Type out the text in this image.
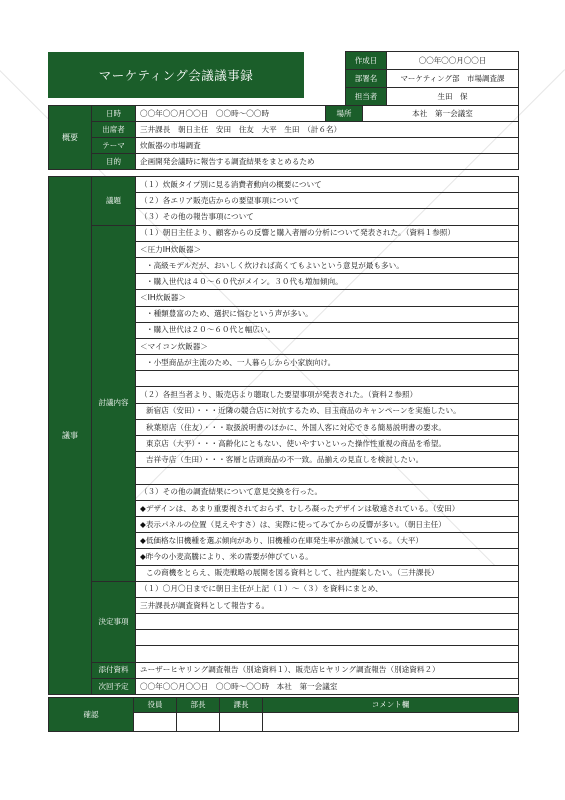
マーケティング会議議事録
作成日	〇〇年〇〇月〇〇日
部署名	マーケティング部　市場調査課
担当者	生田　保
概要	日時	〇〇年〇〇月〇〇日　〇〇時～〇〇時	場所	本社　第一会議室
	出席者	三井課長　朝日主任　安田　住友　大平　生田　（計６名）		
	テーマ	炊飯器の市場調査		
	目的	企画開発会議時に報告する調査結果をまとめるため		
議事	議題	（１）炊飯タイプ別に見る消費者動向の概要について
		（２）各エリア販売店からの要望事項について
		（３）その他の報告事項について
	討議内容	（１）朝日主任より、顧客からの反響と購入者層の分析について発表された。（資料１参照）
		＜圧力IH炊飯器＞
		・高級モデルだが、おいしく炊ければ高くてもよいという意見が最も多い。
		・購入世代は４０～６０代がメイン。３０代も増加傾向。
		＜IH炊飯器＞
		・種類豊富のため、選択に悩むという声が多い。
		・購入世代は２０～６０代と幅広い。
		＜マイコン炊飯器＞
		・小型商品が主流のため、一人暮らしから小家族向け。

		（２）各担当者より、販売店より聴取した要望事項が発表された。（資料２参照）
		新宿店（安田）・・・近隣の競合店に対抗するため、目玉商品のキャンペーンを実施したい。
		秋葉原店（住友）・・・取扱説明書のほかに、外国人客に対応できる簡易説明書の要求。
		東京店（大平）・・・高齢化にともない、使いやすいといった操作性重視の商品を希望。
		吉祥寺店（生田）・・・客層と店頭商品の不一致。品揃えの見直しを検討したい。

		（３）その他の調査結果について意見交換を行った。
		◆デザインは、あまり重要視されておらず、むしろ凝ったデザインは敬遠されている。（安田）
		◆表示パネルの位置（見えやすさ）は、実際に使ってみてからの反響が多い。（朝日主任）
		◆低価格な旧機種を選ぶ傾向があり、旧機種の在庫発生率が激減している。（大平）
		◆昨今の小麦高騰により、米の需要が伸びている。
		この商機をとらえ、販売戦略の展開を図る資料として、社内提案したい。（三井課長）
	決定事項	（１）〇月〇日までに朝日主任が上記（１）～（３）を資料にまとめ、
		三井課長が調査資料として報告する。

	添付資料	ユーザーヒヤリング調査報告（別途資料１）、販売店ヒヤリング調査報告（別途資料２）
	次回予定	〇〇年〇〇月〇〇日　〇〇時～〇〇時　本社　第一会議室
確認	役員	部長	課長	コメント欄
